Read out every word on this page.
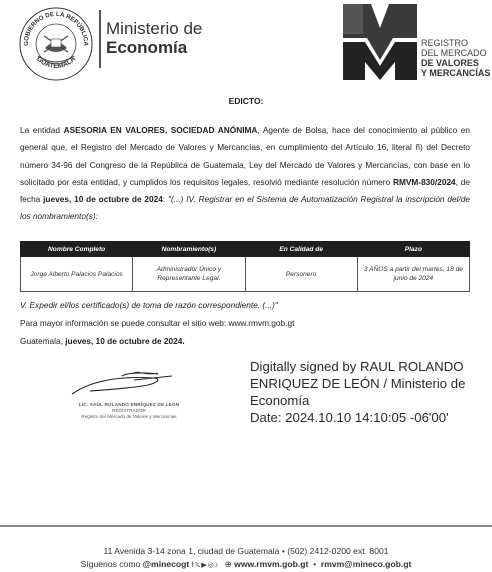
GOBIERNO DE LA REPÚBLICA
GUATEMALA
Ministerio de
Economía	REGISTRO
DEL MERCADO
DE VALORES
Y MERCANCÍAS
EDICTO:
La entidad ASESORIA EN VALORES, SOCIEDAD ANÓNIMA, Agente de Bolsa, hace del conocimiento al público en general que, el Registro del Mercado de Valores y Mercancías, en cumplimiento del Artículo 16, literal ñ) del Decreto número 34-96 del Congreso de la República de Guatemala, Ley del Mercado de Valores y Mercancías, con base en lo solicitado por esta entidad, y cumplidos los requisitos legales, resolvió mediante resolución número RMVM-830/2024, de fecha jueves, 10 de octubre de 2024: "(...) IV. Registrar en el Sistema de Automatización Registral la inscripción del/de los nombramiento(s):
Nombre Completo	Nombramiento(s)	En Calidad de	Plazo
Jorge Alberto Palacios Palacios	Administrador Único y Representante Legal.	Personero	3 AÑOS a partir del martes, 18 de junio de 2024
V. Expedir el/los certificado(s) de toma de razón correspondiente. (...)"
Para mayor información se puede consultar el sitio web: www.rmvm.gob.gt
Guatemala, jueves, 10 de octubre de 2024.
LIC. SAÚL ROLANDO ENRÍQUEZ DE LEÓN
REGISTRADOR
Registro del Mercado de Valores y Mercancías
Digitally signed by RAUL ROLANDO
ENRIQUEZ DE LEÓN / Ministerio de
Economía
Date: 2024.10.10 14:10:05 -06'00'
11 Avenida 3-14 zona 1, ciudad de Guatemala • (502) 2412-0200 ext. 8001
Síguenos como @minecogt f𝕏▶◎♪ ⊕ www.rmvm.gob.gt  •  rmvm@mineco.gob.gt
